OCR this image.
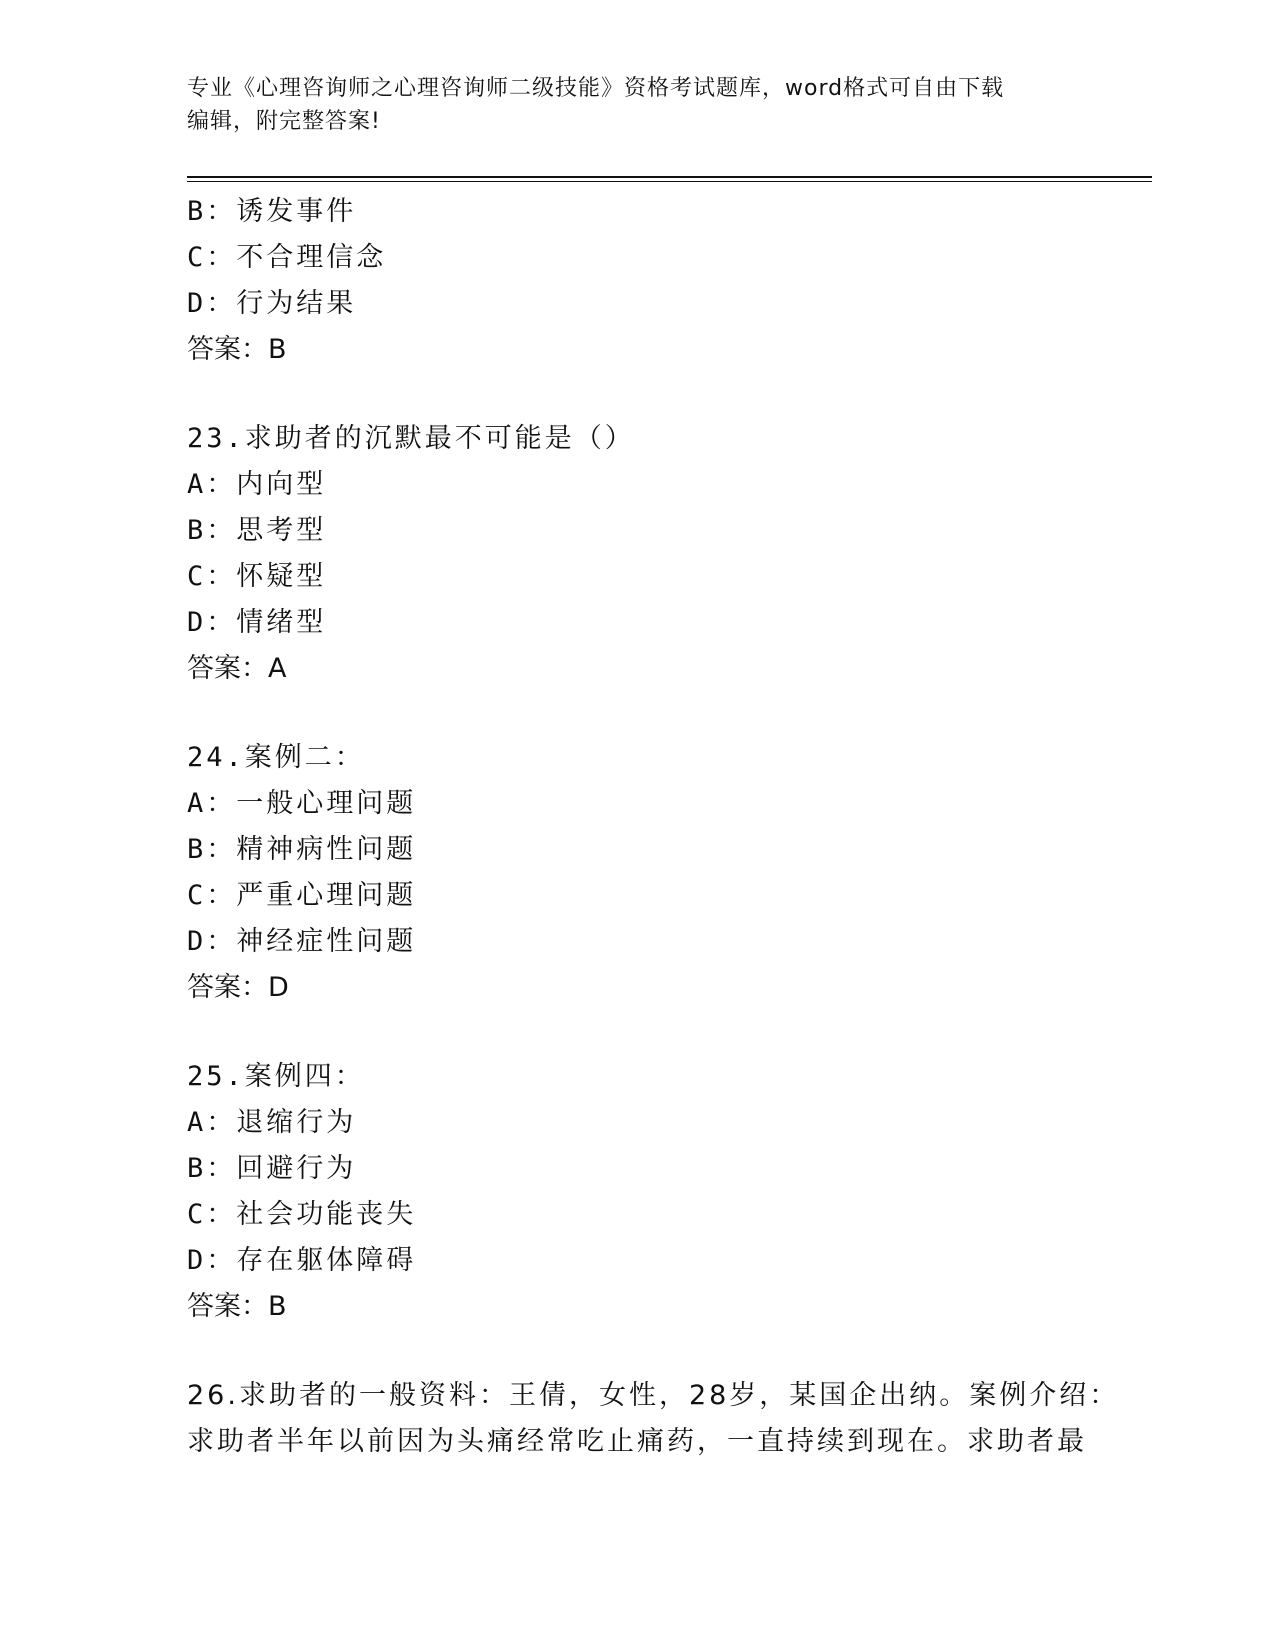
专业《心理咨询师之心理咨询师二级技能》资格考试题库，word格式可自由下载
编辑，附完整答案!
B：诱发事件
C：不合理信念
D：行为结果
答案：B
23.求助者的沉默最不可能是（）
A：内向型
B：思考型
C：怀疑型
D：情绪型
答案：A
24.案例二：
A：一般心理问题
B：精神病性问题
C：严重心理问题
D：神经症性问题
答案：D
25.案例四：
A：退缩行为
B：回避行为
C：社会功能丧失
D：存在躯体障碍
答案：B
26.求助者的一般资料：王倩，女性，28岁，某国企出纳。案例介绍：
求助者半年以前因为头痛经常吃止痛药，一直持续到现在。求助者最
